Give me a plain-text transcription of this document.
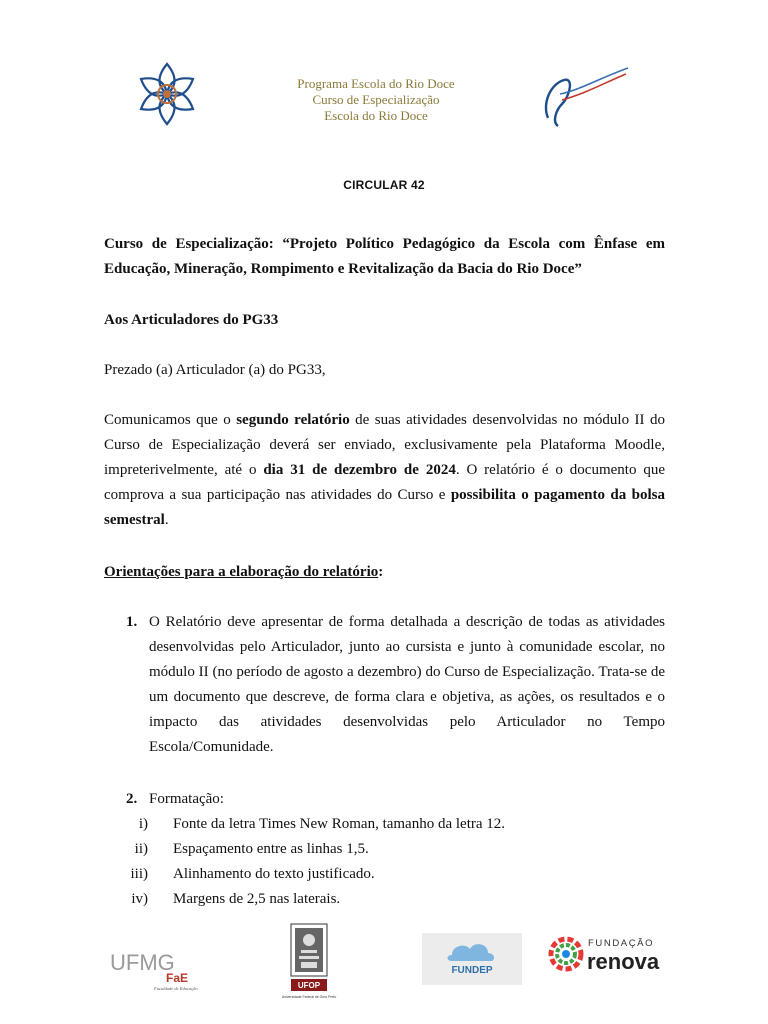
Programa Escola do Rio Doce
Curso de Especialização
Escola do Rio Doce
CIRCULAR 42
Curso de Especialização: “Projeto Político Pedagógico da Escola com Ênfase em Educação, Mineração, Rompimento e Revitalização da Bacia do Rio Doce”
Aos Articuladores do PG33
Prezado (a) Articulador (a) do PG33,
Comunicamos que o segundo relatório de suas atividades desenvolvidas no módulo II do Curso de Especialização deverá ser enviado, exclusivamente pela Plataforma Moodle, impreterivelmente, até o dia 31 de dezembro de 2024. O relatório é o documento que comprova a sua participação nas atividades do Curso e possibilita o pagamento da bolsa semestral.
Orientações para a elaboração do relatório:
1. O Relatório deve apresentar de forma detalhada a descrição de todas as atividades desenvolvidas pelo Articulador, junto ao cursista e junto à comunidade escolar, no módulo II (no período de agosto a dezembro) do Curso de Especialização. Trata-se de um documento que descreve, de forma clara e objetiva, as ações, os resultados e o impacto das atividades desenvolvidas pelo Articulador no Tempo Escola/Comunidade.
2. Formatação:
i) Fonte da letra Times New Roman, tamanho da letra 12.
ii) Espaçamento entre as linhas 1,5.
iii) Alinhamento do texto justificado.
iv) Margens de 2,5 nas laterais.
UFMG
FaE
Faculdade de Educação	UFOP
Universidade Federal de Ouro Preto
FUNDEP
FUNDAÇÃO
renova
